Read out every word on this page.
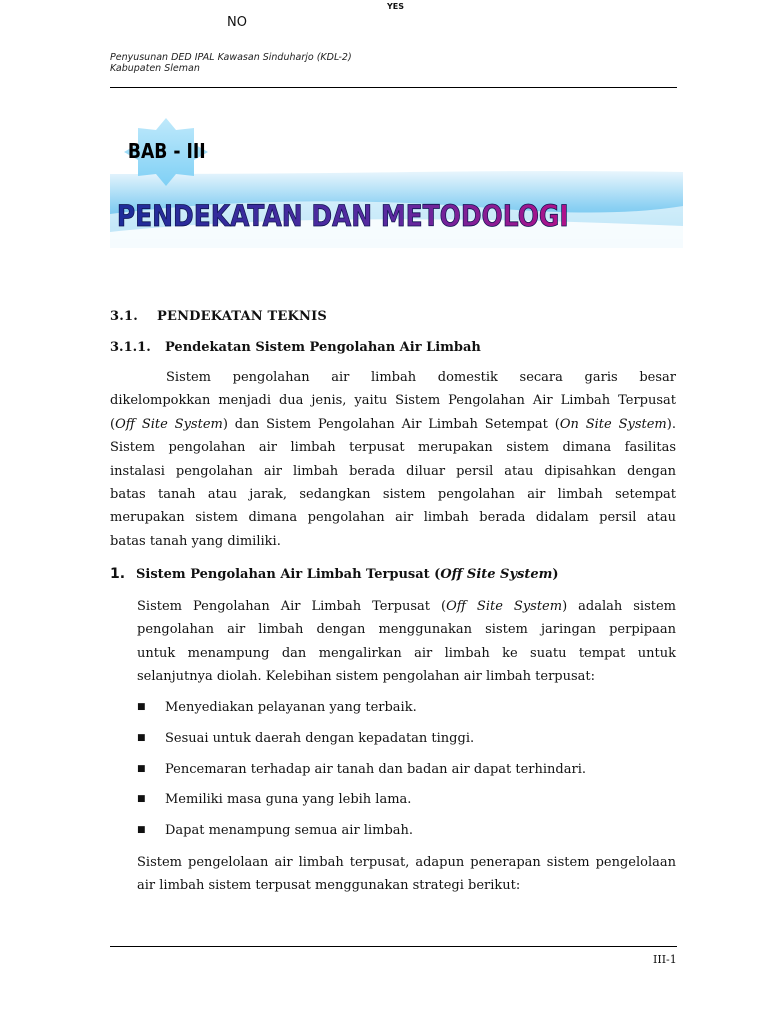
YES
NO
Penyusunan DED IPAL Kawasan Sinduharjo (KDL-2)
Kabupaten Sleman
BAB - III
PENDEKATAN DAN METODOLOGI
3.1. PENDEKATAN TEKNIS
3.1.1. Pendekatan Sistem Pengolahan Air Limbah
Sistem pengolahan air limbah domestik secara garis besar
dikelompokkan menjadi dua jenis, yaitu Sistem Pengolahan Air Limbah Terpusat
(Off Site System) dan Sistem Pengolahan Air Limbah Setempat (On Site System).
Sistem pengolahan air limbah terpusat merupakan sistem dimana fasilitas
instalasi pengolahan air limbah berada diluar persil atau dipisahkan dengan
batas tanah atau jarak, sedangkan sistem pengolahan air limbah setempat
merupakan sistem dimana pengolahan air limbah berada didalam persil atau
batas tanah yang dimiliki.
1. Sistem Pengolahan Air Limbah Terpusat (Off Site System)
Sistem Pengolahan Air Limbah Terpusat (Off Site System) adalah sistem
pengolahan air limbah dengan menggunakan sistem jaringan perpipaan
untuk menampung dan mengalirkan air limbah ke suatu tempat untuk
selanjutnya diolah. Kelebihan sistem pengolahan air limbah terpusat:
■ Menyediakan pelayanan yang terbaik.
■ Sesuai untuk daerah dengan kepadatan tinggi.
■ Pencemaran terhadap air tanah dan badan air dapat terhindari.
■ Memiliki masa guna yang lebih lama.
■ Dapat menampung semua air limbah.
Sistem pengelolaan air limbah terpusat, adapun penerapan sistem pengelolaan
air limbah sistem terpusat menggunakan strategi berikut:
III-1
